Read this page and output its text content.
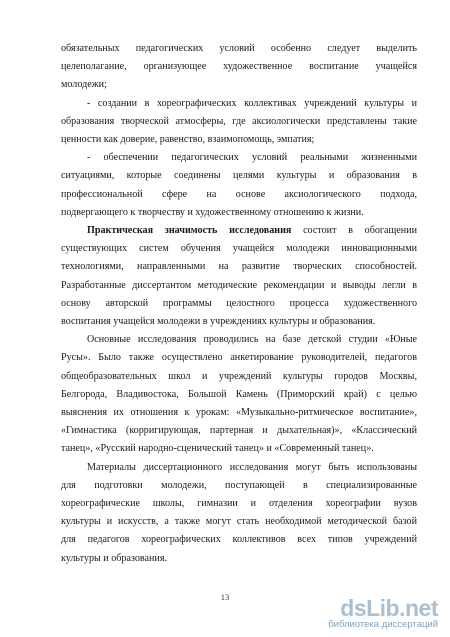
обязательных педагогических условий особенно следует выделить

целеполагание, организующее художественное воспитание учащейся

молодежи;

- создании в хореографических коллективах учреждений культуры и

образования творческой атмосферы, где аксиологически представлены такие

ценности как доверие, равенство, взаимопомощь, эмпатия;

- обеспечении педагогических условий реальными жизненными

ситуациями, которые соединены целями культуры и образования в

профессиональной сфере на основе аксиологического подхода,

подвергающего к творчеству и художественному отношению к жизни.

Практическая значимость исследования состоит в обогащении

существующих систем обучения учащейся молодежи инновационными

технологиями, направленными на развитие творческих способностей.

Разработанные диссертантом методические рекомендации и выводы легли в

основу авторской программы целостного процесса художественного

воспитания учащейся молодежи в учреждениях культуры и образования.

Основные исследования проводились на базе детской студии «Юные

Русы». Было также осуществлено анкетирование руководителей, педагогов

общеобразовательных школ и учреждений культуры городов Москвы,

Белгорода, Владивостока, Большой Камень (Приморский край) с целью

выяснения их отношения к урокам: «Музыкально-ритмическое воспитание»,

«Гимнастика (корригирующая, партерная и дыхательная)», «Классический

танец», «Русский народно-сценический танец» и «Современный танец».

Материалы диссертационного исследования могут быть использованы

для подготовки молодежи, поступающей в специализированные

хореографические школы, гимназии и отделения хореографии вузов

культуры и искусств, а также могут стать необходимой методической базой

для педагогов хореографических коллективов всех типов учреждений

культуры и образования.

13	dsLib.net
библиотека диссертаций
